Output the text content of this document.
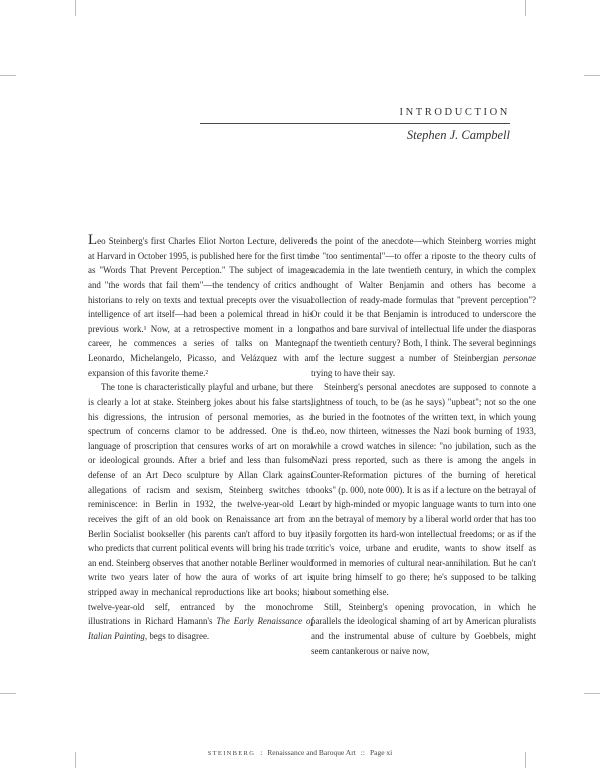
INTRODUCTION
Stephen J. Campbell

Leo Steinberg's first Charles Eliot Norton Lecture, delivered at Harvard in October 1995, is published here for the first time as "Words That Prevent Perception." The subject of images and "the words that fail them"—the tendency of critics and historians to rely on texts and textual precepts over the visual intelligence of art itself—had been a polemical thread in his previous work.¹ Now, at a retrospective moment in a long career, he commences a series of talks on Mantegna, Leonardo, Michelangelo, Picasso, and Velázquez with an expansion of this favorite theme.²

The tone is characteristically playful and urbane, but there is clearly a lot at stake. Steinberg jokes about his false starts, his digressions, the intrusion of personal memories, as a spectrum of concerns clamor to be addressed. One is the language of proscription that censures works of art on moral or ideological grounds. After a brief and less than fulsome defense of an Art Deco sculpture by Allan Clark against allegations of racism and sexism, Steinberg switches to reminiscence: in Berlin in 1932, the twelve-year-old Leo receives the gift of an old book on Renaissance art from a Berlin Socialist bookseller (his parents can't afford to buy it) who predicts that current political events will bring his trade to an end. Steinberg observes that another notable Berliner would write two years later of how the aura of works of art is stripped away in mechanical reproductions like art books; his twelve-year-old self, entranced by the monochrome illustrations in Richard Hamann's The Early Renaissance of Italian Painting, begs to disagree.

Is the point of the anecdote—which Steinberg worries might be "too sentimental"—to offer a riposte to the theory cults of academia in the late twentieth century, in which the complex thought of Walter Benjamin and others has become a collection of ready-made formulas that "prevent perception"? Or could it be that Benjamin is introduced to underscore the pathos and bare survival of intellectual life under the diasporas of the twentieth century? Both, I think. The several beginnings of the lecture suggest a number of Steinbergian personae trying to have their say.

Steinberg's personal anecdotes are supposed to connote a lightness of touch, to be (as he says) "upbeat"; not so the one he buried in the footnotes of the written text, in which young Leo, now thirteen, witnesses the Nazi book burning of 1933, while a crowd watches in silence: "no jubilation, such as the Nazi press reported, such as there is among the angels in Counter-Reformation pictures of the burning of heretical books" (p. 000, note 000). It is as if a lecture on the betrayal of art by high-minded or myopic language wants to turn into one on the betrayal of memory by a liberal world order that has too easily forgotten its hard-won intellectual freedoms; or as if the critic's voice, urbane and erudite, wants to show itself as formed in memories of cultural near-annihilation. But he can't quite bring himself to go there; he's supposed to be talking about something else.

Still, Steinberg's opening provocation, in which he parallels the ideological shaming of art by American pluralists and the instrumental abuse of culture by Goebbels, might seem cantankerous or naive now,

STEINBERG : Renaissance and Baroque Art :: Page xi
